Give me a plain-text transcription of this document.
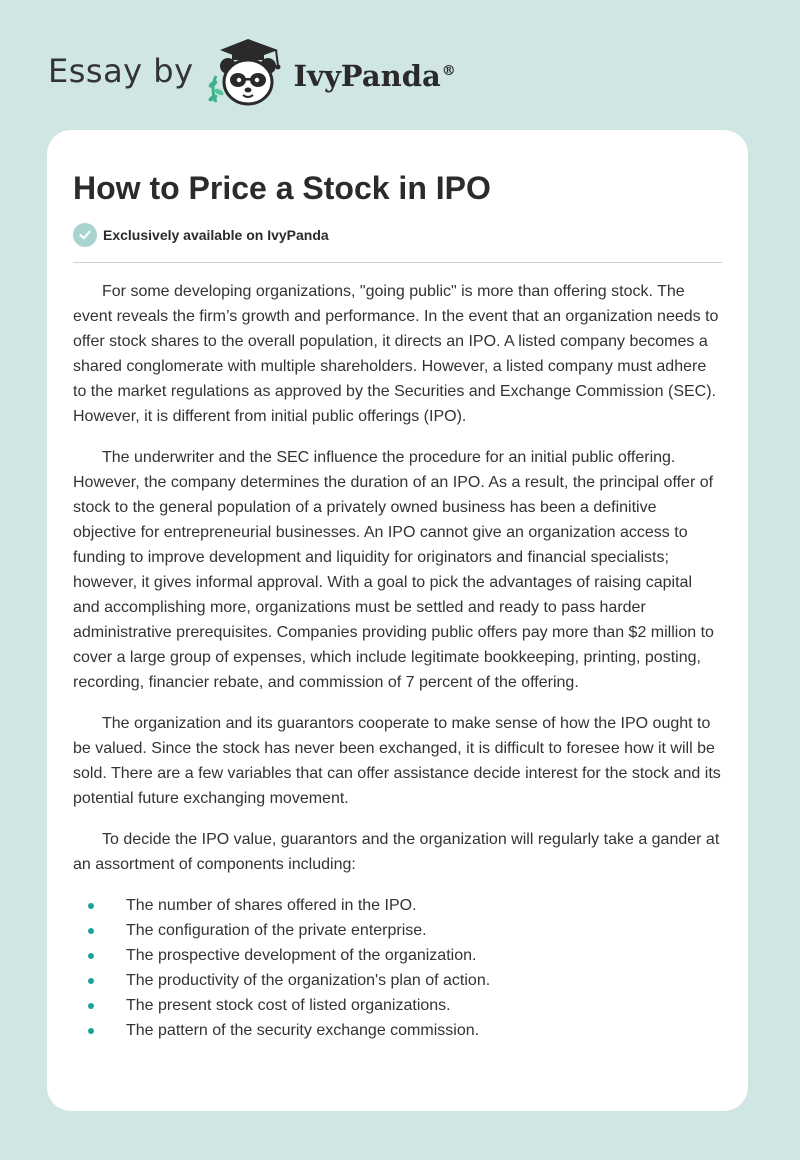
Essay by	IvyPanda®
How to Price a Stock in IPO
Exclusively available on IvyPanda

For some developing organizations, "going public" is more than offering stock. The event reveals the firm’s growth and performance. In the event that an organization needs to offer stock shares to the overall population, it directs an IPO. A listed company becomes a shared conglomerate with multiple shareholders. However, a listed company must adhere to the market regulations as approved by the Securities and Exchange Commission (SEC). However, it is different from initial public offerings (IPO).

The underwriter and the SEC influence the procedure for an initial public offering. However, the company determines the duration of an IPO. As a result, the principal offer of stock to the general population of a privately owned business has been a definitive objective for entrepreneurial businesses. An IPO cannot give an organization access to funding to improve development and liquidity for originators and financial specialists; however, it gives informal approval. With a goal to pick the advantages of raising capital and accomplishing more, organizations must be settled and ready to pass harder administrative prerequisites. Companies providing public offers pay more than $2 million to cover a large group of expenses, which include legitimate bookkeeping, printing, posting, recording, financier rebate, and commission of 7 percent of the offering.

The organization and its guarantors cooperate to make sense of how the IPO ought to be valued. Since the stock has never been exchanged, it is difficult to foresee how it will be sold. There are a few variables that can offer assistance decide interest for the stock and its potential future exchanging movement.

To decide the IPO value, guarantors and the organization will regularly take a gander at an assortment of components including:

The number of shares offered in the IPO.
The configuration of the private enterprise.
The prospective development of the organization.
The productivity of the organization's plan of action.
The present stock cost of listed organizations.
The pattern of the security exchange commission.
